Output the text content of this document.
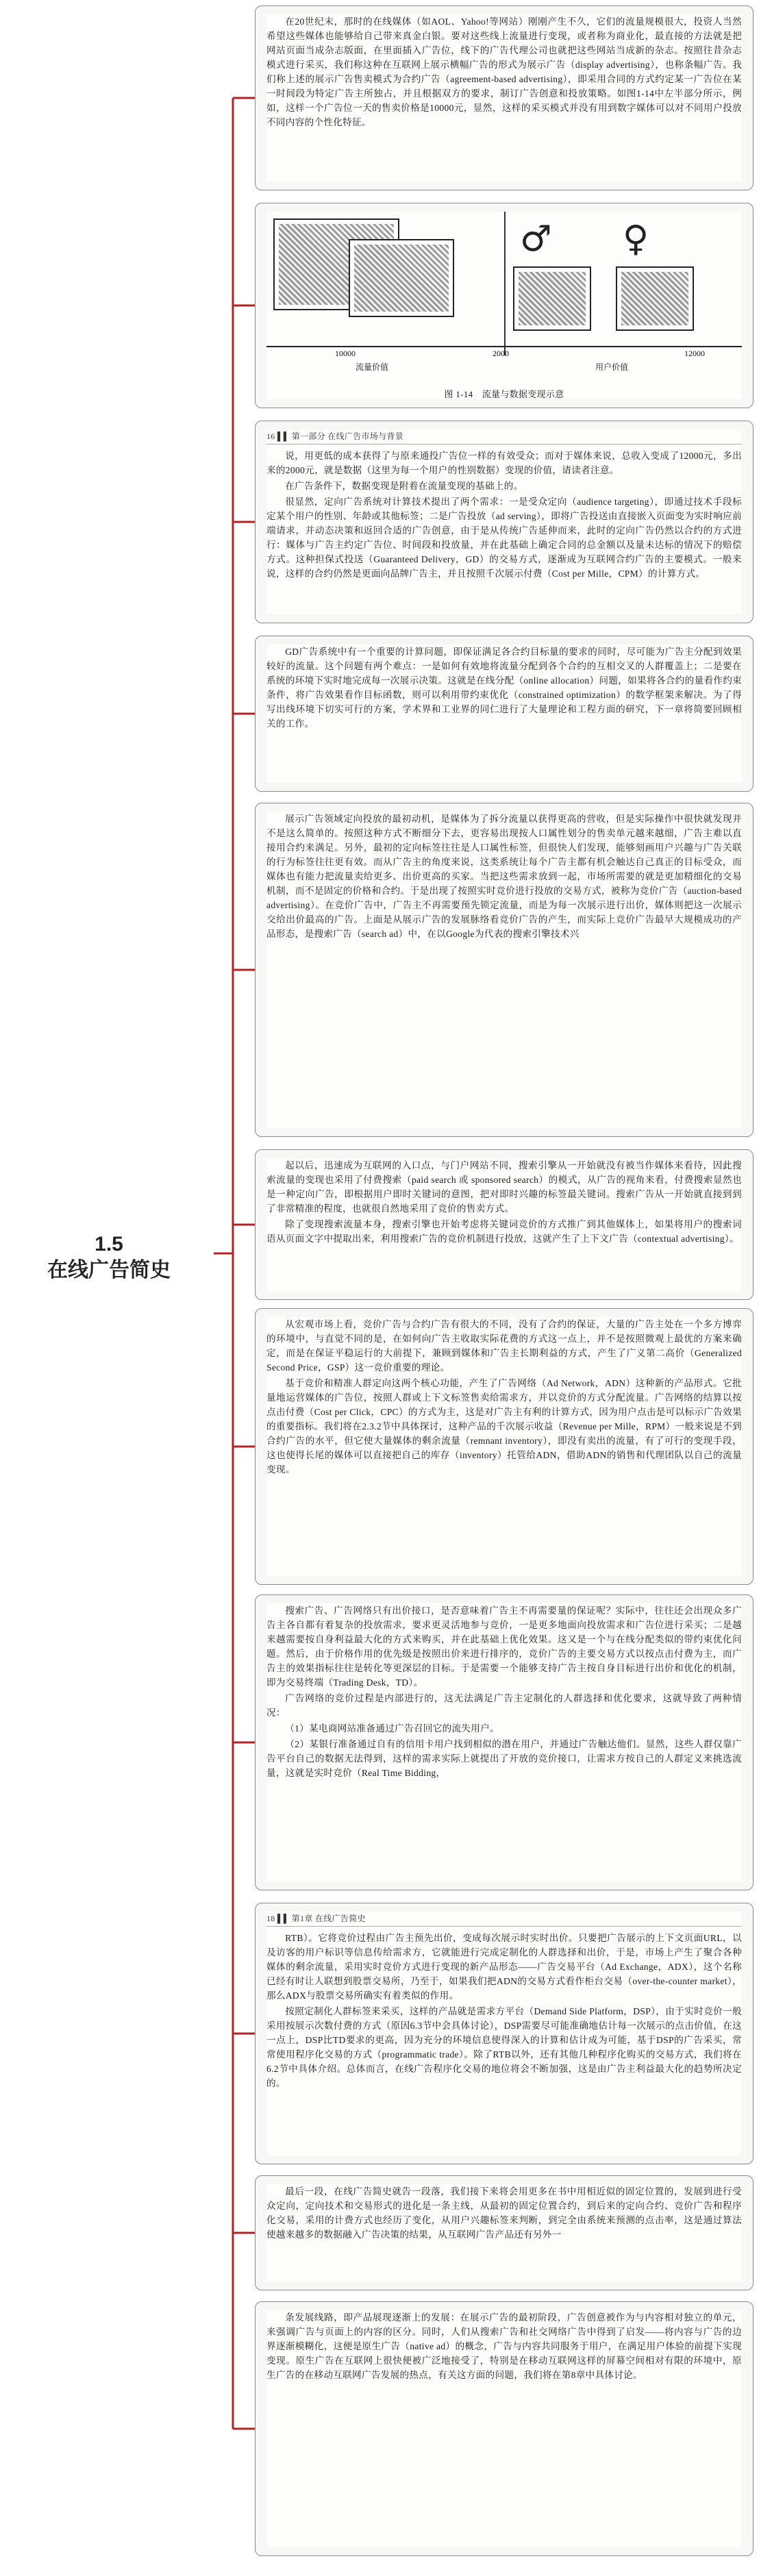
1.5
在线广告简史

在20世纪末，那时的在线媒体（如AOL、Yahoo!等网站）刚刚产生不久，它们的流量规模很大，投资人当然希望这些媒体也能够给自己带来真金白银。要对这些线上流量进行变现，或者称为商业化，最直接的方法就是把网站页面当成杂志版面，在里面插入广告位，线下的广告代理公司也就把这些网站当成新的杂志。按照往昔杂志模式进行采买，我们称这种在互联网上展示横幅广告的形式为展示广告（display advertising），也称条幅广告。我们称上述的展示广告售卖模式为合约广告（agreement-based advertising），即采用合同的方式约定某一广告位在某一时间段为特定广告主所独占，并且根据双方的要求，制订广告创意和投放策略。如图1-14中左半部分所示，例如，这样一个广告位一天的售卖价格是10000元，显然，这样的采买模式并没有用到数字媒体可以对不同用户投放不同内容的个性化特征。

♂ ♀
10000	2000	12000
流量价值	用户价值

图 1-14　流量与数据变现示意

16 ▌▌ 第一部分 在线广告市场与背景

说，用更低的成本获得了与原来通投广告位一样的有效受众；而对于媒体来说，总收入变成了12000元，多出来的2000元，就是数据（这里为每一个用户的性别数据）变现的价值，请读者注意。

在广告条件下，数据变现是附着在流量变现的基础上的。

很显然，定向广告系统对计算技术提出了两个需求：一是受众定向（audience targeting），即通过技术手段标定某个用户的性别、年龄或其他标签；二是广告投放（ad serving），即将广告投送由直接嵌入页面变为实时响应前端请求，并动态决策和返回合适的广告创意，由于是从传统广告延伸而来，此时的定向广告仍然以合约的方式进行：媒体与广告主约定广告位、时间段和投放量，并在此基础上确定合同的总金额以及量未达标的情况下的赔偿方式。这种担保式投送（Guaranteed Delivery，GD）的交易方式，逐渐成为互联网合约广告的主要模式。一般来说，这样的合约仍然是更面向品牌广告主，并且按照千次展示付费（Cost per Mille，CPM）的计算方式。

GD广告系统中有一个重要的计算问题，即保证满足各合约目标量的要求的同时，尽可能为广告主分配到效果较好的流量。这个问题有两个难点：一是如何有效地将流量分配到各个合约的互相交叉的人群覆盖上；二是要在系统的环境下实时地完成每一次展示决策。这就是在线分配（online allocation）问题，如果将各合约的量看作约束条件，将广告效果看作目标函数，则可以利用带约束优化（constrained optimization）的数学框架来解决。为了得写出线环境下切实可行的方案，学术界和工业界的同仁进行了大量理论和工程方面的研究，下一章将简要回顾相关的工作。

展示广告领域定向投放的最初动机，是媒体为了拆分流量以获得更高的营收，但是实际操作中很快就发现并不是这么简单的。按照这种方式不断细分下去，更容易出现按人口属性划分的售卖单元越来越细，广告主难以直接用合约来满足。另外，最初的定向标签往往是人口属性标签，但很快人们发现，能够刻画用户兴趣与广告关联的行为标签往往更有效。而从广告主的角度来说，这类系统让每个广告主都有机会触达自己真正的目标受众，而媒体也有能力把流量卖给更多、出价更高的买家。当把这些需求放到一起，市场所需要的就是更加精细化的交易机制，而不是固定的价格和合约。于是出现了按照实时竞价进行投放的交易方式，被称为竞价广告（auction-based advertising）。在竞价广告中，广告主不再需要预先锁定流量，而是为每一次展示进行出价，媒体则把这一次展示交给出价最高的广告。上面是从展示广告的发展脉络看竞价广告的产生，而实际上竞价广告最早大规模成功的产品形态，是搜索广告（search ad）中，在以Google为代表的搜索引擎技术兴

起以后，迅速成为互联网的入口点，与门户网站不同，搜索引擎从一开始就没有被当作媒体来看待，因此搜索流量的变现也采用了付费搜索（paid search 或 sponsored search）的模式，从广告的视角来看，付费搜索显然也是一种定向广告，即根据用户即时关键词的意图，把对即时兴趣的标签最关键词。搜索广告从一开始就直接到到了非常精准的程度，也就很自然地采用了竞价的售卖方式。

除了变现搜索流量本身，搜索引擎也开始考虑将关键词竞价的方式推广到其他媒体上，如果将用户的搜索词语从页面文字中提取出来，利用搜索广告的竞价机制进行投放，这就产生了上下文广告（contextual advertising）。

从宏观市场上看，竞价广告与合约广告有很大的不同，没有了合约的保证，大量的广告主处在一个多方博弈的环境中，与直觉不同的是，在如何向广告主收取实际花费的方式这一点上，并不是按照微观上最优的方案来确定，而是在保证平稳运行的大前提下，兼顾到媒体和广告主长期利益的方式，产生了广义第二高价（Generalized Second Price，GSP）这一竞价重要的理论。

基于竞价和精准人群定向这两个核心功能，产生了广告网络（Ad Network，ADN）这种新的产品形式。它批量地运营媒体的广告位，按照人群或上下文标签售卖给需求方，并以竞价的方式分配流量。广告网络的结算以按点击付费（Cost per Click，CPC）的方式为主，这是对广告主有利的计算方式，因为用户点击是可以标示广告效果的重要指标。我们将在2.3.2节中具体探讨，这种产品的千次展示收益（Revenue per Mille，RPM）一般来说是不到合约广告的水平，但它使大量媒体的剩余流量（remnant inventory），即没有卖出的流量，有了可行的变现手段，这也使得长尾的媒体可以直接把自己的库存（inventory）托管给ADN，借助ADN的销售和代理团队以自己的流量变现。

搜索广告、广告网络只有出价接口，是否意味着广告主不再需要量的保证呢？实际中，往往还会出现众多广告主各自都有着复杂的投放需求，要求更灵活地参与竞价，一是更多地面向投放需求和广告位进行采买；二是越来越需要按自身利益最大化的方式来购买，并在此基础上优化效果。这又是一个与在线分配类似的带约束优化问题。然后，由于价格作用的优先级是按照出价来进行排序的，竞价广告的主要交易方式以按点击付费为主，而广告主的效果指标往往是转化等更深层的目标。于是需要一个能够支持广告主按自身目标进行出价和优化的机制，即为交易终端（Trading Desk，TD）。

广告网络的竞价过程是内部进行的，这无法满足广告主定制化的人群选择和优化要求，这就导致了两种情况：

（1）某电商网站准备通过广告召回它的流失用户。

（2）某银行准备通过自有的信用卡用户找到相似的潜在用户，并通过广告触达他们。显然，这些人群仅靠广告平台自己的数据无法得到，这样的需求实际上就提出了开放的竞价接口，让需求方按自己的人群定义来挑选流量，这就是实时竞价（Real Time Bidding，

18 ▌▌ 第1章 在线广告简史

RTB）。它将竞价过程由广告主预先出价，变成每次展示时实时出价。只要把广告展示的上下文页面URL，以及访客的用户标识等信息传给需求方，它就能进行完成定制化的人群选择和出价，于是，市场上产生了聚合各种媒体的剩余流量，采用实时竞价方式进行变现的新产品形态——广告交易平台（Ad Exchange，ADX），这个名称已经有时让人联想到股票交易所，乃至于，如果我们把ADN的交易方式看作柜台交易（over-the-counter market），那么ADX与股票交易所确实有着类似的作用。

按照定制化人群标签来采买，这样的产品就是需求方平台（Demand Side Platform，DSP），由于实时竞价一般采用按展示次数付费的方式（原因6.3节中会具体讨论），DSP需要尽可能准确地估计每一次展示的点击价值，在这一点上，DSP比TD要求的更高，因为充分的环境信息使得深入的计算和估计成为可能，基于DSP的广告采买，常常使用程序化交易的方式（programmatic trade）。除了RTB以外，还有其他几种程序化购买的交易方式，我们将在6.2节中具体介绍。总体而言，在线广告程序化交易的地位将会不断加强，这是由广告主利益最大化的趋势所决定的。

最后一段，在线广告简史就告一段落，我们接下来将会用更多在书中用相近似的固定位置的，发展到进行受众定向，定向技术和交易形式的进化是一条主线，从最初的固定位置合约，到后来的定向合约、竞价广告和程序化交易，采用的计费方式也经历了变化，从用户兴趣标签来判断，到完全由系统来预测的点击率，这是通过算法使越来越多的数据融入广告决策的结果，从互联网广告产品还有另外一

条发展线路，即产品展现逐渐上的发展：在展示广告的最初阶段，广告创意被作为与内容相对独立的单元，来强调广告与页面上的内容的区分。同时，人们从搜索广告和社交网络广告中得到了启发——将内容与广告的边界逐渐模糊化，这便是原生广告（native ad）的概念，广告与内容共同服务于用户，在满足用户体验的前提下实现变现。原生广告在互联网上很快便被广泛地接受了，特别是在移动互联网这样的屏幕空间相对有限的环境中，原生广告的在移动互联网广告发展的热点，有关这方面的问题，我们将在第8章中具体讨论。
